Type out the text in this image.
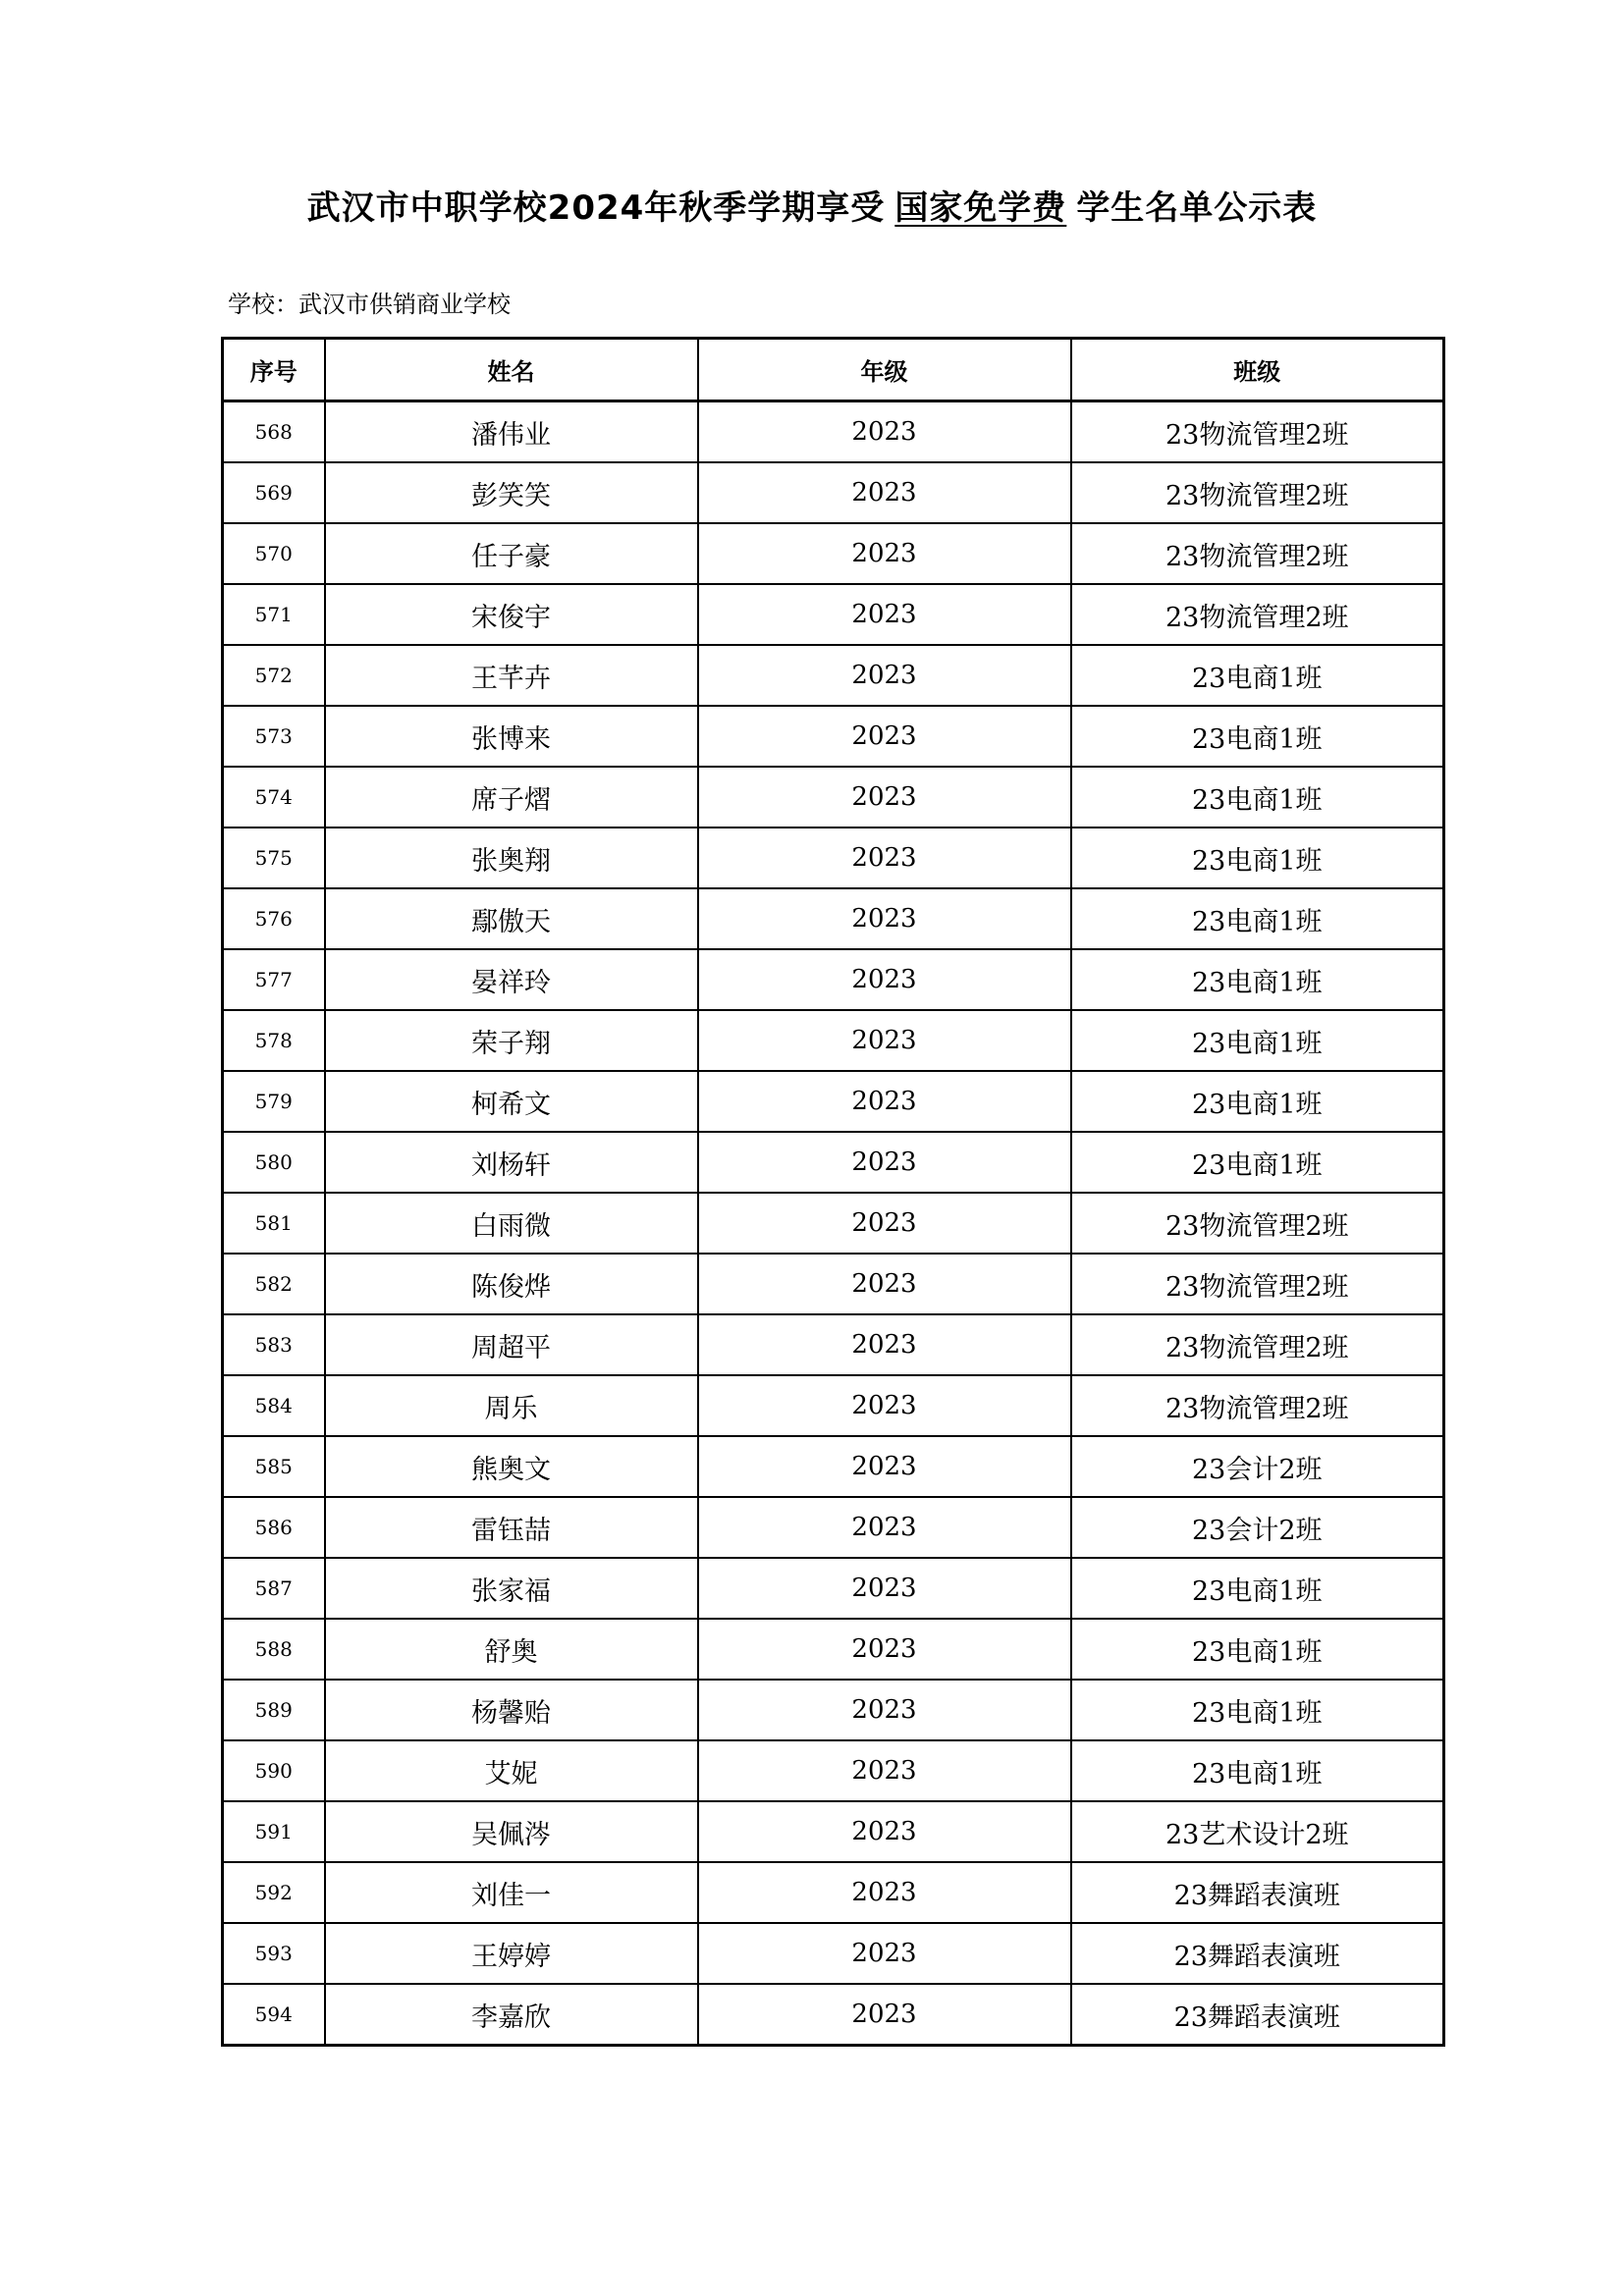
武汉市中职学校2024年秋季学期享受 国家免学费 学生名单公示表
学校：武汉市供销商业学校
序号	姓名	年级	班级
568	潘伟业	2023	23物流管理2班
569	彭笑笑	2023	23物流管理2班
570	任子豪	2023	23物流管理2班
571	宋俊宇	2023	23物流管理2班
572	王芊卉	2023	23电商1班
573	张博来	2023	23电商1班
574	席子熠	2023	23电商1班
575	张奥翔	2023	23电商1班
576	鄢傲天	2023	23电商1班
577	晏祥玲	2023	23电商1班
578	荣子翔	2023	23电商1班
579	柯希文	2023	23电商1班
580	刘杨轩	2023	23电商1班
581	白雨微	2023	23物流管理2班
582	陈俊烨	2023	23物流管理2班
583	周超平	2023	23物流管理2班
584	周乐	2023	23物流管理2班
585	熊奥文	2023	23会计2班
586	雷钰喆	2023	23会计2班
587	张家福	2023	23电商1班
588	舒奥	2023	23电商1班
589	杨馨贻	2023	23电商1班
590	艾妮	2023	23电商1班
591	吴佩涔	2023	23艺术设计2班
592	刘佳一	2023	23舞蹈表演班
593	王婷婷	2023	23舞蹈表演班
594	李嘉欣	2023	23舞蹈表演班
